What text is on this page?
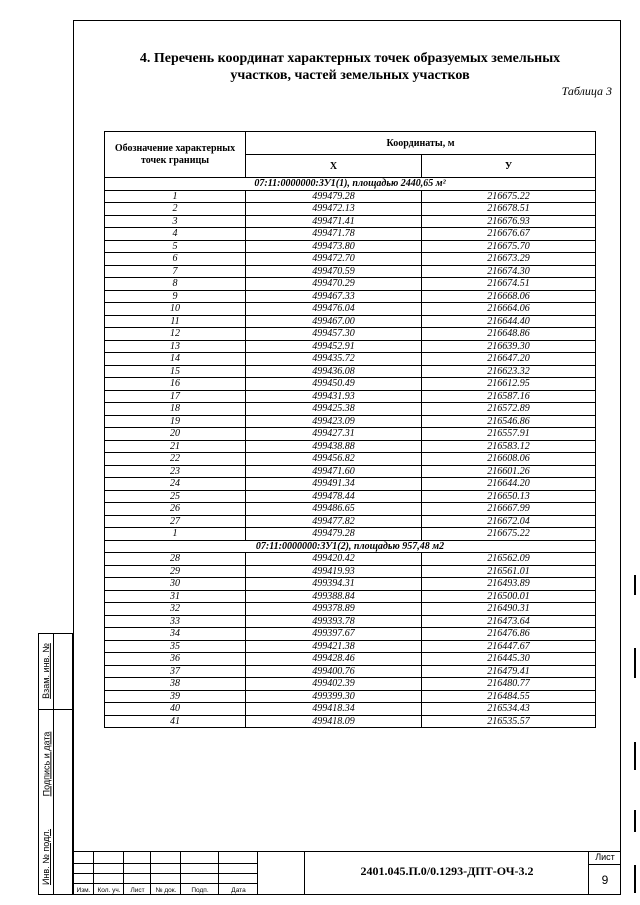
4. Перечень координат характерных точек образуемых земельных
участков, частей земельных участков
Таблица 3
Обозначение характерных точек границы	Координаты, м	
	X	У
07:11:0000000:ЗУ1(1), площадью 2440,65 м²		
1	499479.28	216675.22
2	499472.13	216678.51
3	499471.41	216676.93
4	499471.78	216676.67
5	499473.80	216675.70
6	499472.70	216673.29
7	499470.59	216674.30
8	499470.29	216674.51
9	499467.33	216668.06
10	499476.04	216664.06
11	499467.00	216644.40
12	499457.30	216648.86
13	499452.91	216639.30
14	499435.72	216647.20
15	499436.08	216623.32
16	499450.49	216612.95
17	499431.93	216587.16
18	499425.38	216572.89
19	499423.09	216546.86
20	499427.31	216557.91
21	499438.88	216583.12
22	499456.82	216608.06
23	499471.60	216601.26
24	499491.34	216644.20
25	499478.44	216650.13
26	499486.65	216667.99
27	499477.82	216672.04
1	499479.28	216675.22
07:11:0000000:ЗУ1(2), площадью 957,48 м2		
28	499420.42	216562.09
29	499419.93	216561.01
30	499394.31	216493.89
31	499388.84	216500.01
32	499378.89	216490.31
33	499393.78	216473.64
34	499397.67	216476.86
35	499421.38	216447.67
36	499428.46	216445.30
37	499400.76	216479.41
38	499402.39	216480.77
39	499399.30	216484.55
40	499418.34	216534.43
41	499418.09	216535.57
Взам. инв. №
Подпись и дата
Инв. № подл.
Изм.	Кол. уч.	Лист	№ док.	Подп.	Дата
2401.045.П.0/0.1293-ДПТ-ОЧ-3.2
Лист
9
